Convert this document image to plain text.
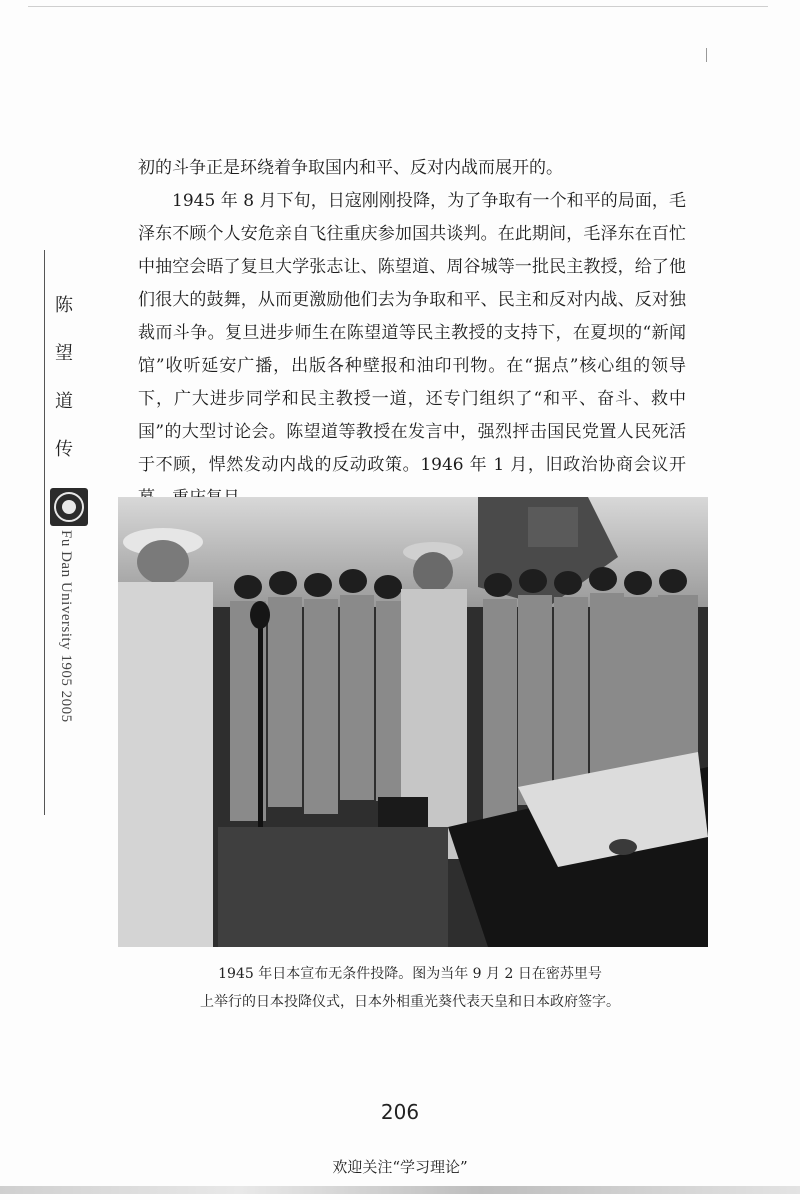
陈
望
道
传
Fu Dan University 1905 2005

初的斗争正是环绕着争取国内和平、反对内战而展开的。

1945 年 8 月下旬，日寇刚刚投降，为了争取有一个和平的局面，毛泽东不顾个人安危亲自飞往重庆参加国共谈判。在此期间，毛泽东在百忙中抽空会晤了复旦大学张志让、陈望道、周谷城等一批民主教授，给了他们很大的鼓舞，从而更激励他们去为争取和平、民主和反对内战、反对独裁而斗争。复旦进步师生在陈望道等民主教授的支持下，在夏坝的“新闻馆”收听延安广播，出版各种壁报和油印刊物。在“据点”核心组的领导下，广大进步同学和民主教授一道，还专门组织了“和平、奋斗、救中国”的大型讨论会。陈望道等教授在发言中，强烈抨击国民党置人民死活于不顾，悍然发动内战的反动政策。1946 年 1 月，旧政治协商会议开

1945 年日本宣布无条件投降。图为当年 9 月 2 日在密苏里号
上举行的日本投降仪式，日本外相重光葵代表天皇和日本政府签字。
206
欢迎关注“学习理论”
